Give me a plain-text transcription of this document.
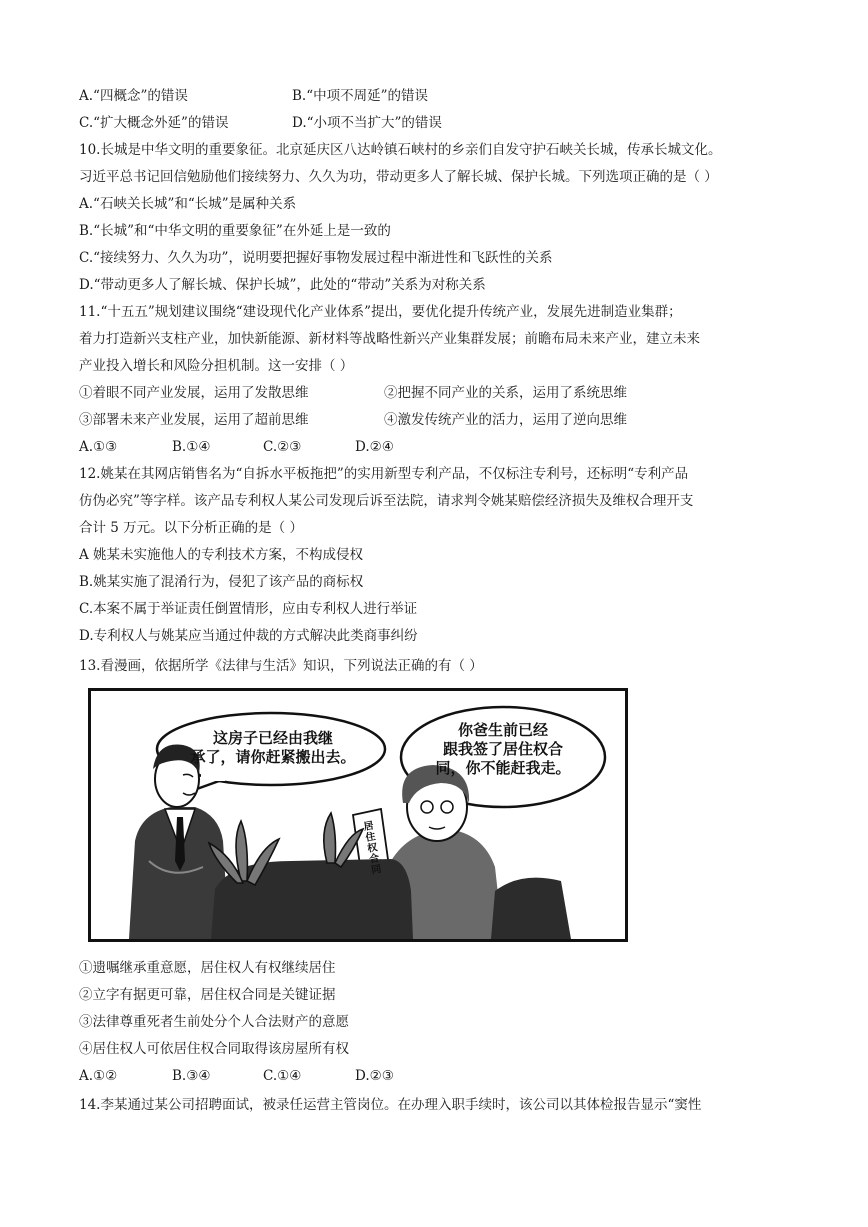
A.“四概念”的错误	B.“中项不周延”的错误
C.“扩大概念外延”的错误	D.“小项不当扩大”的错误
10.长城是中华文明的重要象征。北京延庆区八达岭镇石峡村的乡亲们自发守护石峡关长城，传承长城文化。
习近平总书记回信勉励他们接续努力、久久为功，带动更多人了解长城、保护长城。下列选项正确的是（ ）
A.“石峡关长城”和“长城”是属种关系
B.“长城”和“中华文明的重要象征”在外延上是一致的
C.“接续努力、久久为功”，说明要把握好事物发展过程中渐进性和飞跃性的关系
D.“带动更多人了解长城、保护长城”，此处的“带动”关系为对称关系
11.“十五五”规划建议围绕“建设现代化产业体系”提出，要优化提升传统产业，发展先进制造业集群；
着力打造新兴支柱产业，加快新能源、新材料等战略性新兴产业集群发展；前瞻布局未来产业，建立未来
产业投入增长和风险分担机制。这一安排（ ）
①着眼不同产业发展，运用了发散思维	②把握不同产业的关系，运用了系统思维
③部署未来产业发展，运用了超前思维	④激发传统产业的活力，运用了逆向思维
A.①③	B.①④	C.②③	D.②④
12.姚某在其网店销售名为“自拆水平板拖把”的实用新型专利产品，不仅标注专利号，还标明“专利产品
仿伪必究”等字样。该产品专利权人某公司发现后诉至法院，请求判令姚某赔偿经济损失及维权合理开支
合计 5 万元。以下分析正确的是（ ）
A 姚某未实施他人的专利技术方案，不构成侵权
B.姚某实施了混淆行为，侵犯了该产品的商标权
C.本案不属于举证责任倒置情形，应由专利权人进行举证
D.专利权人与姚某应当通过仲裁的方式解决此类商事纠纷
13.看漫画，依据所学《法律与生活》知识，下列说法正确的有（ ）
这房子已经由我继
承了，请你赶紧搬出去。
你爸生前已经
跟我签了居住权合
同，你不能赶我走。
居住权合同
①遗嘱继承重意愿，居住权人有权继续居住
②立字有据更可靠，居住权合同是关键证据
③法律尊重死者生前处分个人合法财产的意愿
④居住权人可依居住权合同取得该房屋所有权
A.①②	B.③④	C.①④	D.②③
14.李某通过某公司招聘面试，被录任运营主管岗位。在办理入职手续时，该公司以其体检报告显示“窦性
